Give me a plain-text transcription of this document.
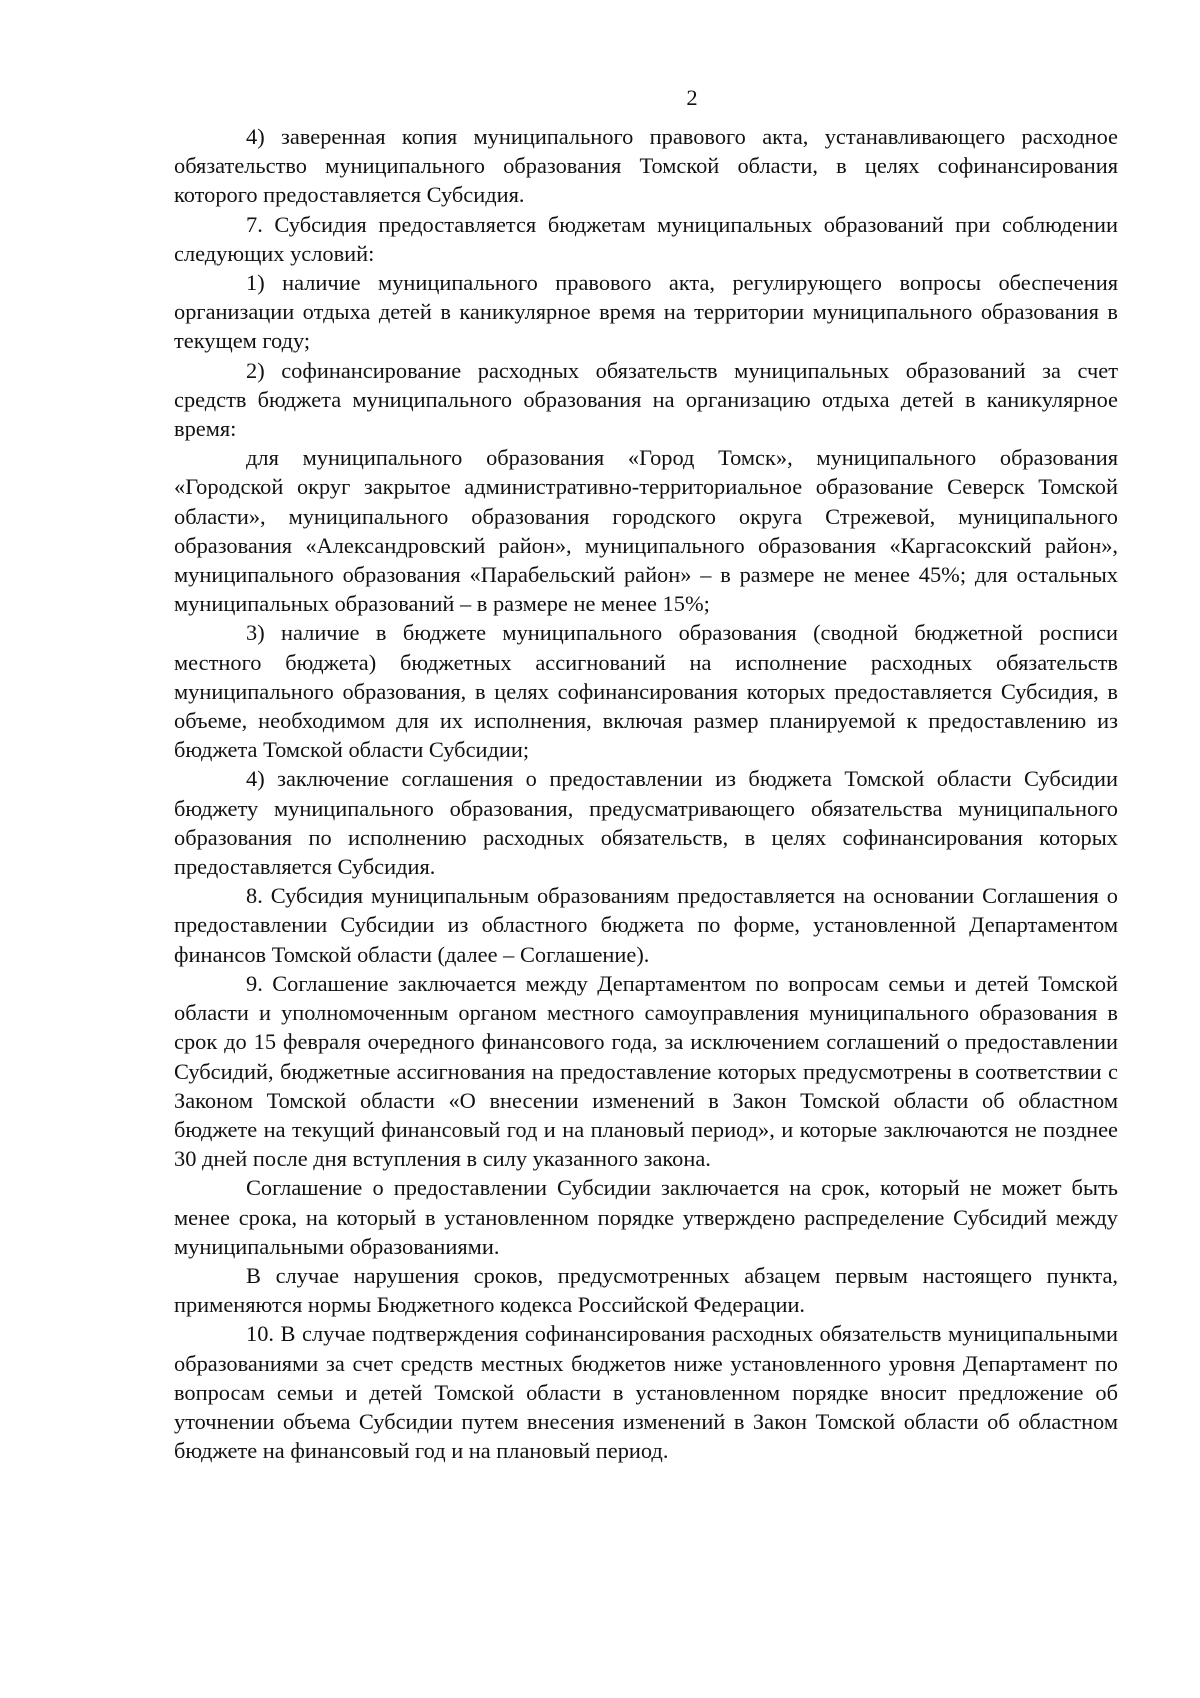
2

4) заверенная копия муниципального правового акта, устанавливающего расходное обязательство муниципального образования Томской области, в целях софинансирования которого предоставляется Субсидия.

7. Субсидия предоставляется бюджетам муниципальных образований при соблюдении следующих условий:

1) наличие муниципального правового акта, регулирующего вопросы обеспечения организации отдыха детей в каникулярное время на территории муниципального образования в текущем году;

2) софинансирование расходных обязательств муниципальных образований за счет средств бюджета муниципального образования на организацию отдыха детей в каникулярное время:

для муниципального образования «Город Томск», муниципального образования «Городской округ закрытое административно-территориальное образование Северск Томской области», муниципального образования городского округа Стрежевой, муниципального образования «Александровский район», муниципального образования «Каргасокский район», муниципального образования «Парабельский район» – в размере не менее 45%; для остальных муниципальных образований – в размере не менее 15%;

3) наличие в бюджете муниципального образования (сводной бюджетной росписи местного бюджета) бюджетных ассигнований на исполнение расходных обязательств муниципального образования, в целях софинансирования которых предоставляется Субсидия, в объеме, необходимом для их исполнения, включая размер планируемой к предоставлению из бюджета Томской области Субсидии;

4) заключение соглашения о предоставлении из бюджета Томской области Субсидии бюджету муниципального образования, предусматривающего обязательства муниципального образования по исполнению расходных обязательств, в целях софинансирования которых предоставляется Субсидия.

8. Субсидия муниципальным образованиям предоставляется на основании Соглашения о предоставлении Субсидии из областного бюджета по форме, установленной Департаментом финансов Томской области (далее – Соглашение).

9. Соглашение заключается между Департаментом по вопросам семьи и детей Томской области и уполномоченным органом местного самоуправления муниципального образования в срок до 15 февраля очередного финансового года, за исключением соглашений о предоставлении Субсидий, бюджетные ассигнования на предоставление которых предусмотрены в соответствии с Законом Томской области «О внесении изменений в Закон Томской области об областном бюджете на текущий финансовый год и на плановый период», и которые заключаются не позднее 30 дней после дня вступления в силу указанного закона.

Соглашение о предоставлении Субсидии заключается на срок, который не может быть менее срока, на который в установленном порядке утверждено распределение Субсидий между муниципальными образованиями.

В случае нарушения сроков, предусмотренных абзацем первым настоящего пункта, применяются нормы Бюджетного кодекса Российской Федерации.

10. В случае подтверждения софинансирования расходных обязательств муниципальными образованиями за счет средств местных бюджетов ниже установленного уровня Департамент по вопросам семьи и детей Томской области в установленном порядке вносит предложение об уточнении объема Субсидии путем внесения изменений в Закон Томской области об областном бюджете на финансовый год и на плановый период.
